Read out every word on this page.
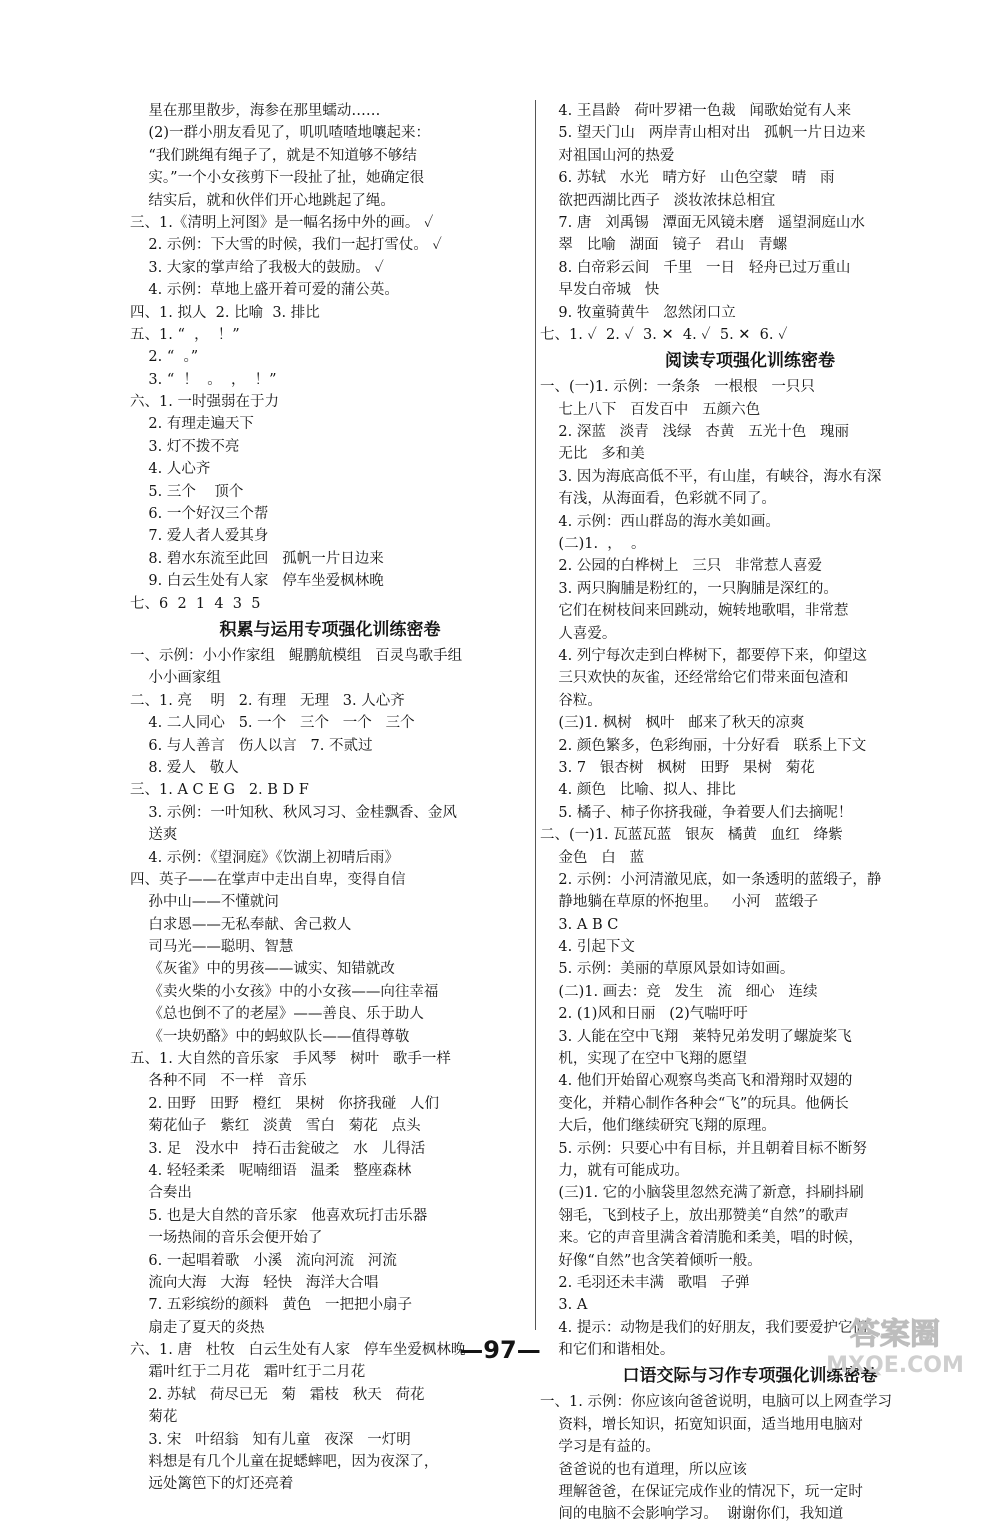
星在那里散步，海参在那里蠕动……
(2)一群小朋友看见了，叽叽喳喳地嚷起来：
“我们跳绳有绳子了，就是不知道够不够结
实。”一个小女孩剪下一段扯了扯，她确定很
结实后，就和伙伴们开心地跳起了绳。
三、1.《清明上河图》是一幅名扬中外的画。 ✓
2. 示例：下大雪的时候，我们一起打雪仗。 ✓
3. 大家的掌声给了我极大的鼓励。 ✓
4. 示例：草地上盛开着可爱的蒲公英。
四、1. 拟人  2. 比喻  3. 排比
五、1. “  ，  ！”
2. “  。”
3. “  ！  。  ，  ！”
六、1. 一时强弱在于力
2. 有理走遍天下
3. 灯不拨不亮
4. 人心齐
5. 三个    顶个
6. 一个好汉三个帮
7. 爱人者人爱其身
8. 碧水东流至此回   孤帆一片日边来
9. 白云生处有人家   停车坐爱枫林晚
七、6  2  1  4  3  5
积累与运用专项强化训练密卷
一、示例：小小作家组   鲲鹏航模组   百灵鸟歌手组
小小画家组
二、1. 亮    明   2. 有理   无理   3. 人心齐
4. 二人同心   5. 一个   三个   一个   三个
6. 与人善言   伤人以言   7. 不贰过
8. 爱人   敬人
三、1. A C E G   2. B D F
3. 示例：一叶知秋、秋风习习、金桂飘香、金风
送爽
4. 示例：《望洞庭》《饮湖上初晴后雨》
四、英子——在掌声中走出自卑，变得自信
孙中山——不懂就问
白求恩——无私奉献、舍己救人
司马光——聪明、智慧
《灰雀》中的男孩——诚实、知错就改
《卖火柴的小女孩》中的小女孩——向往幸福
《总也倒不了的老屋》——善良、乐于助人
《一块奶酪》中的蚂蚁队长——值得尊敬
五、1. 大自然的音乐家   手风琴   树叶   歌手一样
各种不同   不一样   音乐
2. 田野   田野   橙红   果树   你挤我碰   人们
菊花仙子   紫红   淡黄   雪白   菊花   点头
3. 足   没水中   持石击瓮破之   水   儿得活
4. 轻轻柔柔   呢喃细语   温柔   整座森林
合奏出
5. 也是大自然的音乐家   他喜欢玩打击乐器
一场热闹的音乐会便开始了
6. 一起唱着歌   小溪   流向河流   河流
流向大海   大海   轻快   海洋大合唱
7. 五彩缤纷的颜料   黄色   一把把小扇子
扇走了夏天的炎热
六、1. 唐   杜牧   白云生处有人家   停车坐爱枫林晚
霜叶红于二月花   霜叶红于二月花
2. 苏轼   荷尽已无   菊   霜枝   秋天   荷花
菊花
3. 宋   叶绍翁   知有儿童   夜深   一灯明
料想是有几个儿童在捉蟋蟀吧，因为夜深了，
远处篱笆下的灯还亮着
4. 王昌龄   荷叶罗裙一色裁   闻歌始觉有人来
5. 望天门山   两岸青山相对出   孤帆一片日边来
对祖国山河的热爱
6. 苏轼   水光   晴方好   山色空蒙   晴   雨
欲把西湖比西子   淡妆浓抹总相宜
7. 唐   刘禹锡   潭面无风镜未磨   遥望洞庭山水
翠   比喻   湖面   镜子   君山   青螺
8. 白帝彩云间   千里   一日   轻舟已过万重山
早发白帝城   快
9. 牧童骑黄牛   忽然闭口立
七、1. ✓  2. ✓  3. ✕  4. ✓  5. ✕  6. ✓
阅读专项强化训练密卷
一、(一)1. 示例：一条条   一根根   一只只
七上八下   百发百中   五颜六色
2. 深蓝   淡青   浅绿   杏黄   五光十色   瑰丽
无比   多和美
3. 因为海底高低不平，有山崖，有峡谷，海水有深
有浅，从海面看，色彩就不同了。
4. 示例：西山群岛的海水美如画。
(二)1.  ，  。
2. 公园的白桦树上   三只   非常惹人喜爱
3. 两只胸脯是粉红的，一只胸脯是深红的。
它们在树枝间来回跳动，婉转地歌唱，非常惹
人喜爱。
4. 列宁每次走到白桦树下，都要停下来，仰望这
三只欢快的灰雀，还经常给它们带来面包渣和
谷粒。
(三)1. 枫树   枫叶   邮来了秋天的凉爽
2. 颜色繁多，色彩绚丽，十分好看   联系上下文
3. 7   银杏树   枫树   田野   果树   菊花
4. 颜色   比喻、拟人、排比
5. 橘子、柿子你挤我碰，争着要人们去摘呢！
二、(一)1. 瓦蓝瓦蓝   银灰   橘黄   血红   绛紫
金色   白   蓝
2. 示例：小河清澈见底，如一条透明的蓝缎子，静
静地躺在草原的怀抱里。   小河   蓝缎子
3. A B C
4. 引起下文
5. 示例：美丽的草原风景如诗如画。
(二)1. 画去：竞   发生   流   细心   连续
2. (1)风和日丽   (2)气喘吁吁
3. 人能在空中飞翔   莱特兄弟发明了螺旋桨飞
机，实现了在空中飞翔的愿望
4. 他们开始留心观察鸟类高飞和滑翔时双翅的
变化，并精心制作各种会“飞”的玩具。他俩长
大后，他们继续研究飞翔的原理。
5. 示例：只要心中有目标，并且朝着目标不断努
力，就有可能成功。
(三)1. 它的小脑袋里忽然充满了新意，抖刷抖刷
翎毛，飞到枝子上，放出那赞美“自然”的歌声
来。它的声音里满含着清脆和柔美，唱的时候，
好像“自然”也含笑着倾听一般。
2. 毛羽还未丰满   歌唱   子弹
3. A
4. 提示：动物是我们的好朋友，我们要爱护它们，
和它们和谐相处。
口语交际与习作专项强化训练密卷
一、1. 示例：你应该向爸爸说明，电脑可以上网查学习
资料，增长知识，拓宽知识面，适当地用电脑对
学习是有益的。
爸爸说的也有道理，所以应该
理解爸爸，在保证完成作业的情况下，玩一定时
间的电脑不会影响学习。  谢谢你们，我知道
—97—	答案圈
MXQE.COM
